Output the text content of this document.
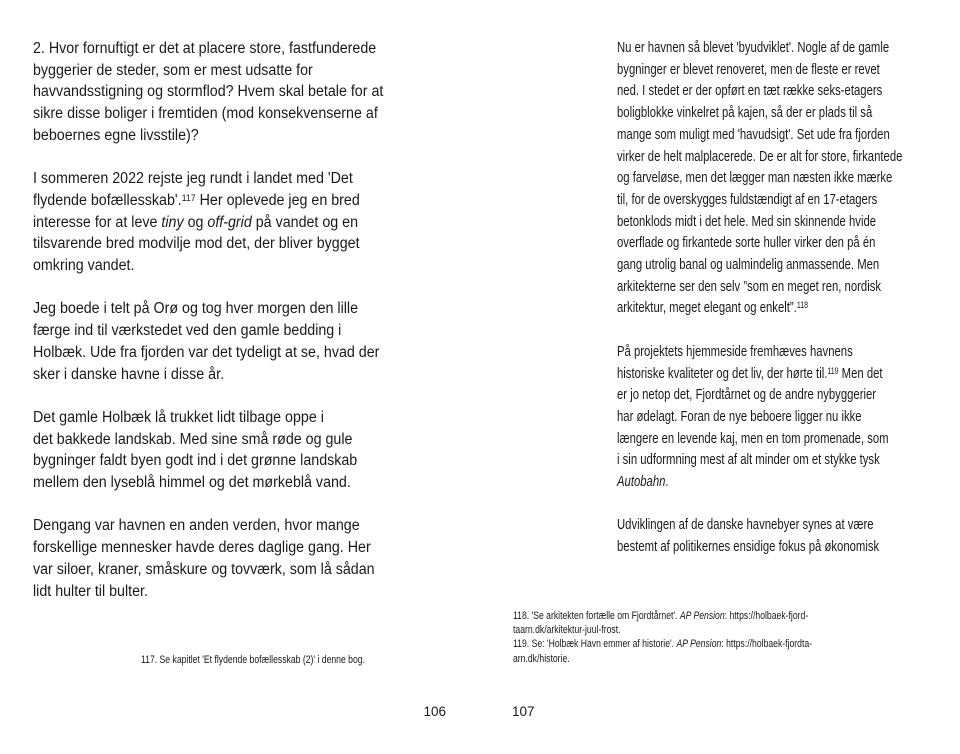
2. Hvor fornuftigt er det at placere store, fastfunderede
byggerier de steder, som er mest udsatte for
havvandsstigning og stormflod? Hvem skal betale for at
sikre disse boliger i fremtiden (mod konsekvenserne af
beboernes egne livsstile)?

I sommeren 2022 rejste jeg rundt i landet med 'Det
flydende bofællesskab'.$^{117}$ Her oplevede jeg en bred
interesse for at leve tiny og off-grid på vandet og en
tilsvarende bred modvilje mod det, der bliver bygget
omkring vandet.

Jeg boede i telt på Orø og tog hver morgen den lille
færge ind til værkstedet ved den gamle bedding i
Holbæk. Ude fra fjorden var det tydeligt at se, hvad der
sker i danske havne i disse år.

Det gamle Holbæk lå trukket lidt tilbage oppe i
det bakkede landskab. Med sine små røde og gule
bygninger faldt byen godt ind i det grønne landskab
mellem den lyseblå himmel og det mørkeblå vand.

Dengang var havnen en anden verden, hvor mange
forskellige mennesker havde deres daglige gang. Her
var siloer, kraner, småskure og tovværk, som lå sådan
lidt hulter til bulter.

117. Se kapitlet 'Et flydende bofællesskab (2)' i denne bog.
106

Nu er havnen så blevet 'byudviklet'. Nogle af de gamle
bygninger er blevet renoveret, men de fleste er revet
ned. I stedet er der opført en tæt række seks-etagers
boligblokke vinkelret på kajen, så der er plads til så
mange som muligt med 'havudsigt'. Set ude fra fjorden
virker de helt malplacerede. De er alt for store, firkantede
og farveløse, men det lægger man næsten ikke mærke
til, for de overskygges fuldstændigt af en 17-etagers
betonklods midt i det hele. Med sin skinnende hvide
overflade og firkantede sorte huller virker den på én
gang utrolig banal og ualmindelig anmassende. Men
arkitekterne ser den selv ”som en meget ren, nordisk
arkitektur, meget elegant og enkelt”.$^{118}$

På projektets hjemmeside fremhæves havnens
historiske kvaliteter og det liv, der hørte til.$^{119}$ Men det
er jo netop det, Fjordtårnet og de andre nybyggerier
har ødelagt. Foran de nye beboere ligger nu ikke
længere en levende kaj, men en tom promenade, som
i sin udformning mest af alt minder om et stykke tysk
Autobahn.

Udviklingen af de danske havnebyer synes at være
bestemt af politikernes ensidige fokus på økonomisk

118. 'Se arkitekten fortælle om Fjordtårnet'. AP Pension: https://holbaek-fjord-
taarn.dk/arkitektur-juul-frost.
119. Se: 'Holbæk Havn emmer af historie'. AP Pension: https://holbaek-fjordta-
arn.dk/historie.
107
